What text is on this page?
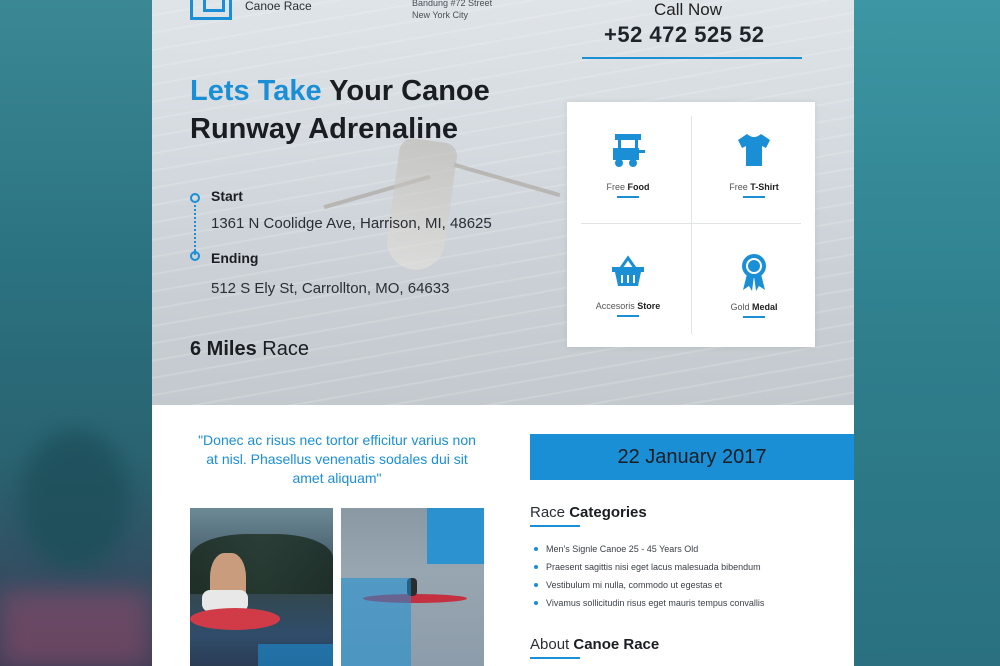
Canoe Race	Bandung #72 Street
New York City	Call Now
+52 472 525 52
Lets Take Your Canoe
Runway Adrenaline
Start
1361 N Coolidge Ave, Harrison, MI, 48625
Ending
512 S Ely St, Carrollton, MO, 64633
6 Miles Race
Free Food	Free T-Shirt
Accesoris Store	Gold Medal
"Donec ac risus nec tortor efficitur varius non at nisl. Phasellus venenatis sodales dui sit amet aliquam"
22 January 2017
Race Categories
Men's Signle Canoe 25 - 45 Years Old
Praesent sagittis nisi eget lacus malesuada bibendum
Vestibulum mi nulla, commodo ut egestas et
Vivamus sollicitudin risus eget mauris tempus convallis
About Canoe Race
